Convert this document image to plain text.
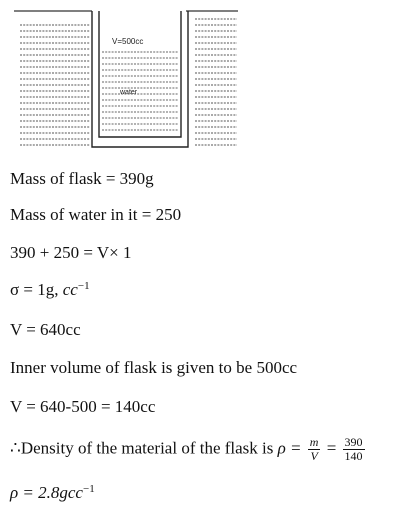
V=500cc
water
Mass of flask = 390g
Mass of water in it = 250
390 + 250 = V× 1
σ = 1g, $cc^{-1}$
V = 640cc
Inner volume of flask is given to be 500cc
V = 640-500 = 140cc
∴Density of the material of the flask is $\rho = \frac{m}{V} = \frac{390}{140}$
ρ = 2.8gcc$^{-1}$
